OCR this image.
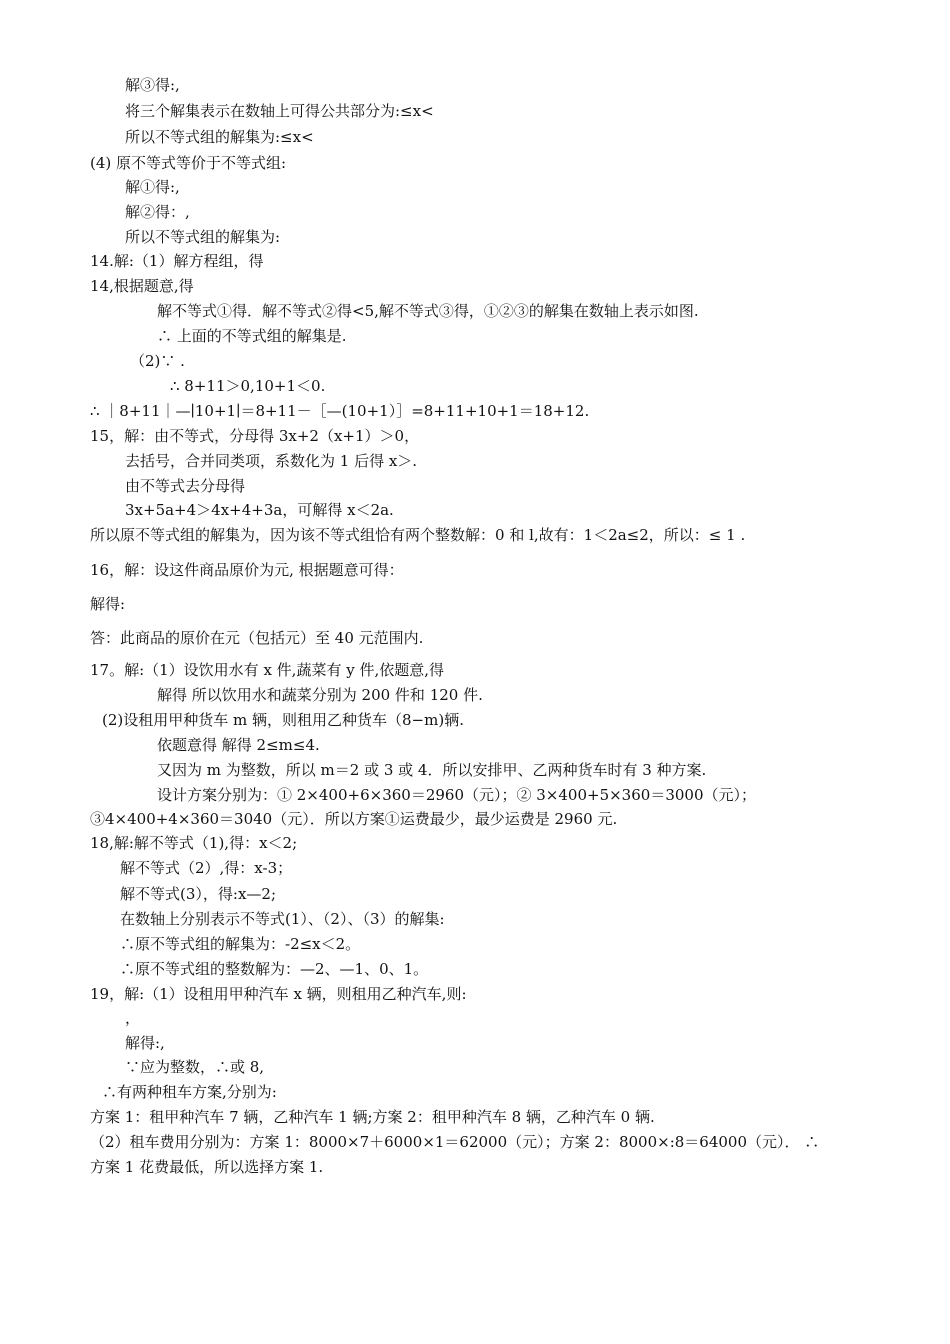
解③得:,
将三个解集表示在数轴上可得公共部分为:≤x<
所以不等式组的解集为:≤x<
(4) 原不等式等价于不等式组:
解①得:,
解②得：,
所以不等式组的解集为:
14.解:（1）解方程组，得
14,根据题意,得
解不等式①得．解不等式②得<5,解不等式③得，①②③的解集在数轴上表示如图.
∴ 上面的不等式组的解集是.
（2)∵ .
∴ 8+11＞0,10+1＜0.
∴ ｜8+11｜—∣10+1∣＝8+11－［—(10+1）］=8+11+10+1＝18+12.
15，解：由不等式，分母得 3x+2（x+1）＞0，
去括号，合并同类项，系数化为 1 后得 x＞.
由不等式去分母得
3x+5a+4＞4x+4+3a，可解得 x＜2a.
所以原不等式组的解集为，因为该不等式组恰有两个整数解：0 和 l,故有：1＜2a≤2，所以：≤ 1 .
16，解：设这件商品原价为元, 根据题意可得：
解得:
答：此商品的原价在元（包括元）至 40 元范围内.
17。解:（1）设饮用水有 x 件,蔬菜有 y 件,依题意,得
解得 所以饮用水和蔬菜分别为 200 件和 120 件.
(2)设租用甲种货车 m 辆，则租用乙种货车（8−m)辆.
依题意得 解得 2≤m≤4.
又因为 m 为整数，所以 m＝2 或 3 或 4．所以安排甲、乙两种货车时有 3 种方案.
设计方案分别为：① 2×400+6×360＝2960（元）；② 3×400+5×360＝3000（元）；
③4×400+4×360＝3040（元）．所以方案①运费最少，最少运费是 2960 元.
18,解:解不等式（1),得：x＜2;
解不等式（2）,得：x-3；
解不等式(3），得:x—2;
在数轴上分别表示不等式(1）、（2）、（3）的解集:
∴原不等式组的解集为：-2≤x＜2。
∴原不等式组的整数解为：—2、—1、0、1。
19，解:（1）设租用甲种汽车 x 辆，则租用乙种汽车,则:
，
解得:,
∵应为整数，∴或 8,
∴有两种租车方案,分别为:
方案 1：租甲种汽车 7 辆，乙种汽车 1 辆;方案 2：租甲种汽车 8 辆，乙种汽车 0 辆.
（2）租车费用分别为：方案 1：8000×7＋6000×1＝62000（元）；方案 2：8000×:8＝64000（元）． ∴
方案 1 花费最低，所以选择方案 1.
